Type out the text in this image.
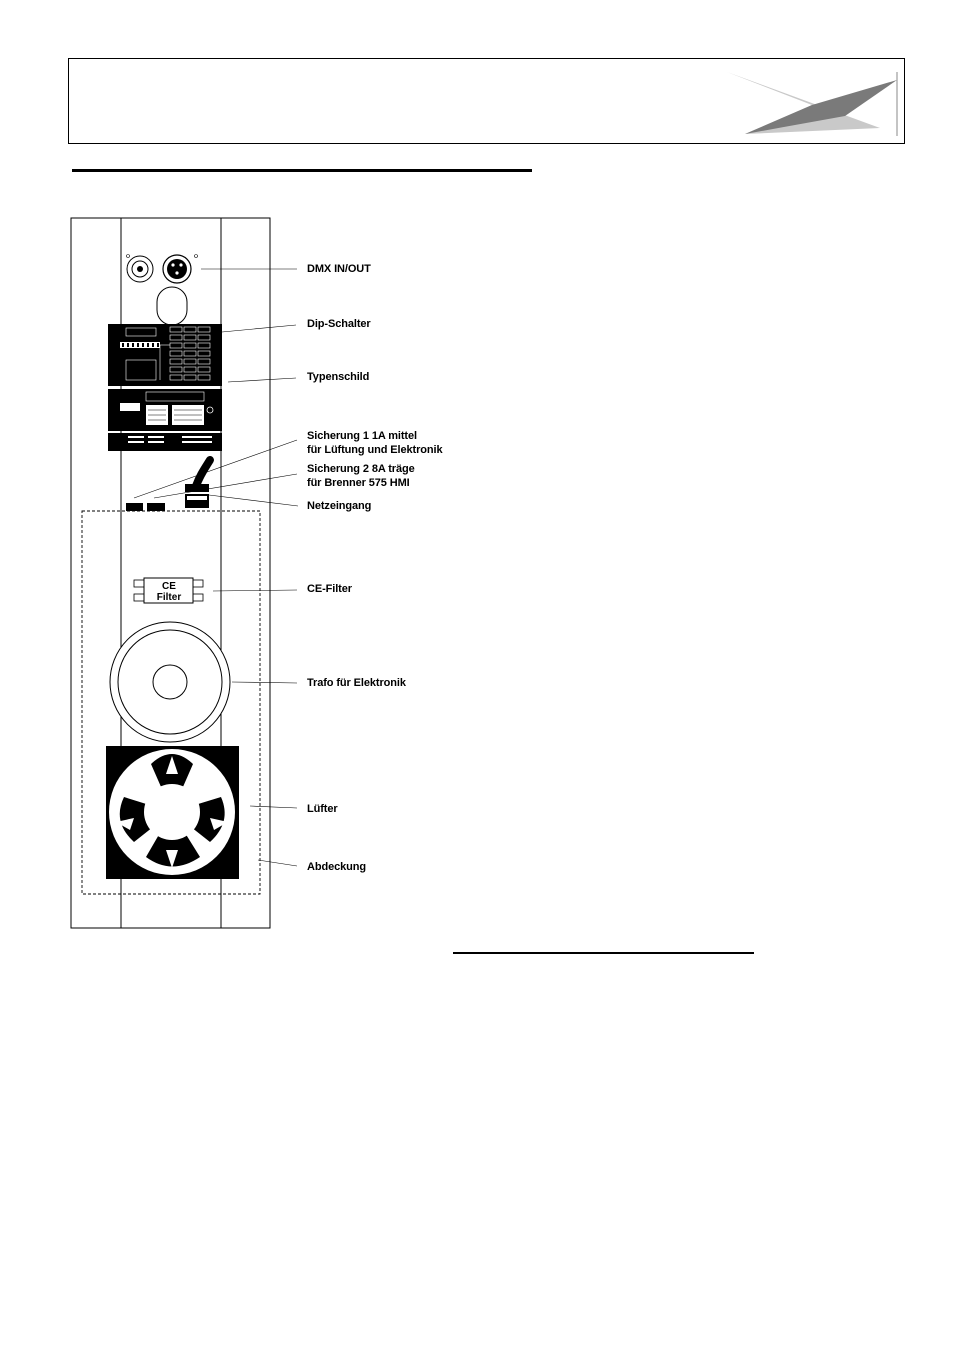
CE
Filter
DMX IN/OUT
Dip-Schalter
Typenschild
Sicherung 1 1A mittel
für Lüftung und Elektronik
Sicherung 2 8A träge
für Brenner 575 HMI
Netzeingang
CE-Filter
Trafo für Elektronik
Lüfter
Abdeckung
